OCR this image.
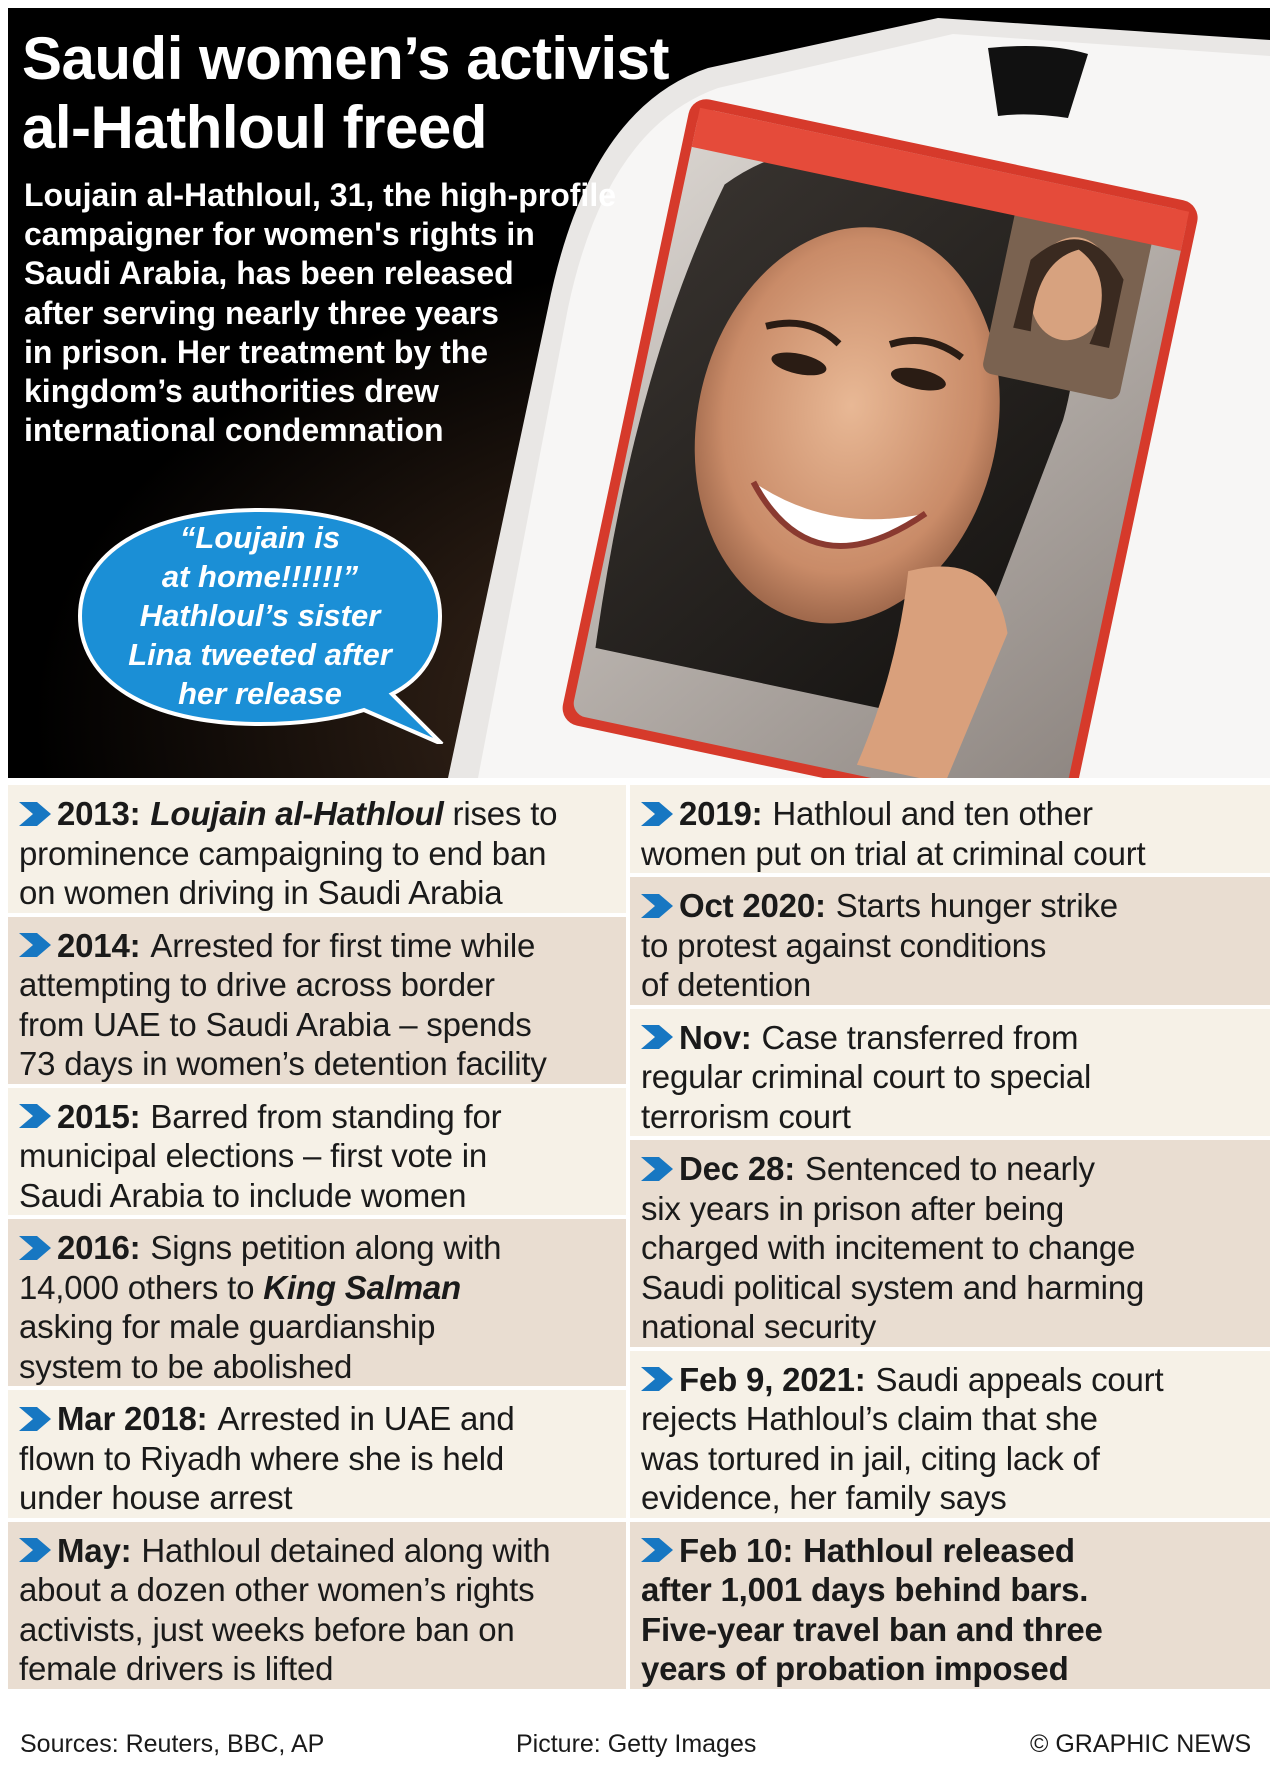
Saudi women’s activist
al-Hathloul freed
Loujain al-Hathloul, 31, the high-profile
campaigner for women's rights in
Saudi Arabia, has been released
after serving nearly three years
in prison. Her treatment by the
kingdom’s authorities drew
international condemnation
“Loujain is
at home!!!!!!”
Hathloul’s sister
Lina tweeted after
her release
2013: Loujain al-Hathloul rises to
prominence campaigning to end ban
on women driving in Saudi Arabia
2014: Arrested for first time while
attempting to drive across border
from UAE to Saudi Arabia – spends
73 days in women’s detention facility
2015: Barred from standing for
municipal elections – first vote in
Saudi Arabia to include women
2016: Signs petition along with
14,000 others to King Salman
asking for male guardianship
system to be abolished
Mar 2018: Arrested in UAE and
flown to Riyadh where she is held
under house arrest
May: Hathloul detained along with
about a dozen other women’s rights
activists, just weeks before ban on
female drivers is lifted
2019: Hathloul and ten other
women put on trial at criminal court
Oct 2020: Starts hunger strike
to protest against conditions
of detention
Nov: Case transferred from
regular criminal court to special
terrorism court
Dec 28: Sentenced to nearly
six years in prison after being
charged with incitement to change
Saudi political system and harming
national security
Feb 9, 2021: Saudi appeals court
rejects Hathloul’s claim that she
was tortured in jail, citing lack of
evidence, her family says
Feb 10: Hathloul released
after 1,001 days behind bars.
Five-year travel ban and three
years of probation imposed
Sources: Reuters, BBC, AP	Picture: Getty Images	© GRAPHIC NEWS
